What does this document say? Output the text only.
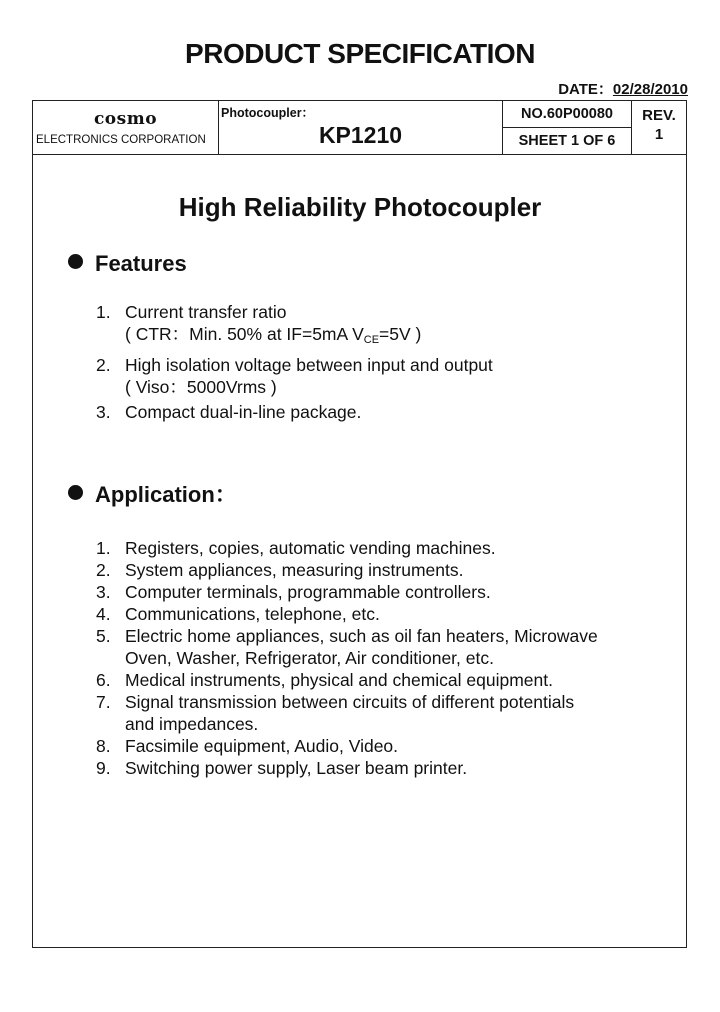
PRODUCT SPECIFICATION
DATE：02/28/2010
cosmo
ELECTRONICS CORPORATION
Photocoupler：
KP1210
NO.60P00080
SHEET 1 OF 6
REV.
1
High Reliability Photocoupler
Features
1. Current transfer ratio
( CTR：Min. 50% at IF=5mA $V_{CE}=5V$ )
2. High isolation voltage between input and output
( Viso：5000Vrms )
3. Compact dual-in-line package.
Application：
1. Registers, copies, automatic vending machines.
2. System appliances, measuring instruments.
3. Computer terminals, programmable controllers.
4. Communications, telephone, etc.
5. Electric home appliances, such as oil fan heaters, Microwave
Oven, Washer, Refrigerator, Air conditioner, etc.
6. Medical instruments, physical and chemical equipment.
7. Signal transmission between circuits of different potentials
and impedances.
8. Facsimile equipment, Audio, Video.
9. Switching power supply, Laser beam printer.
